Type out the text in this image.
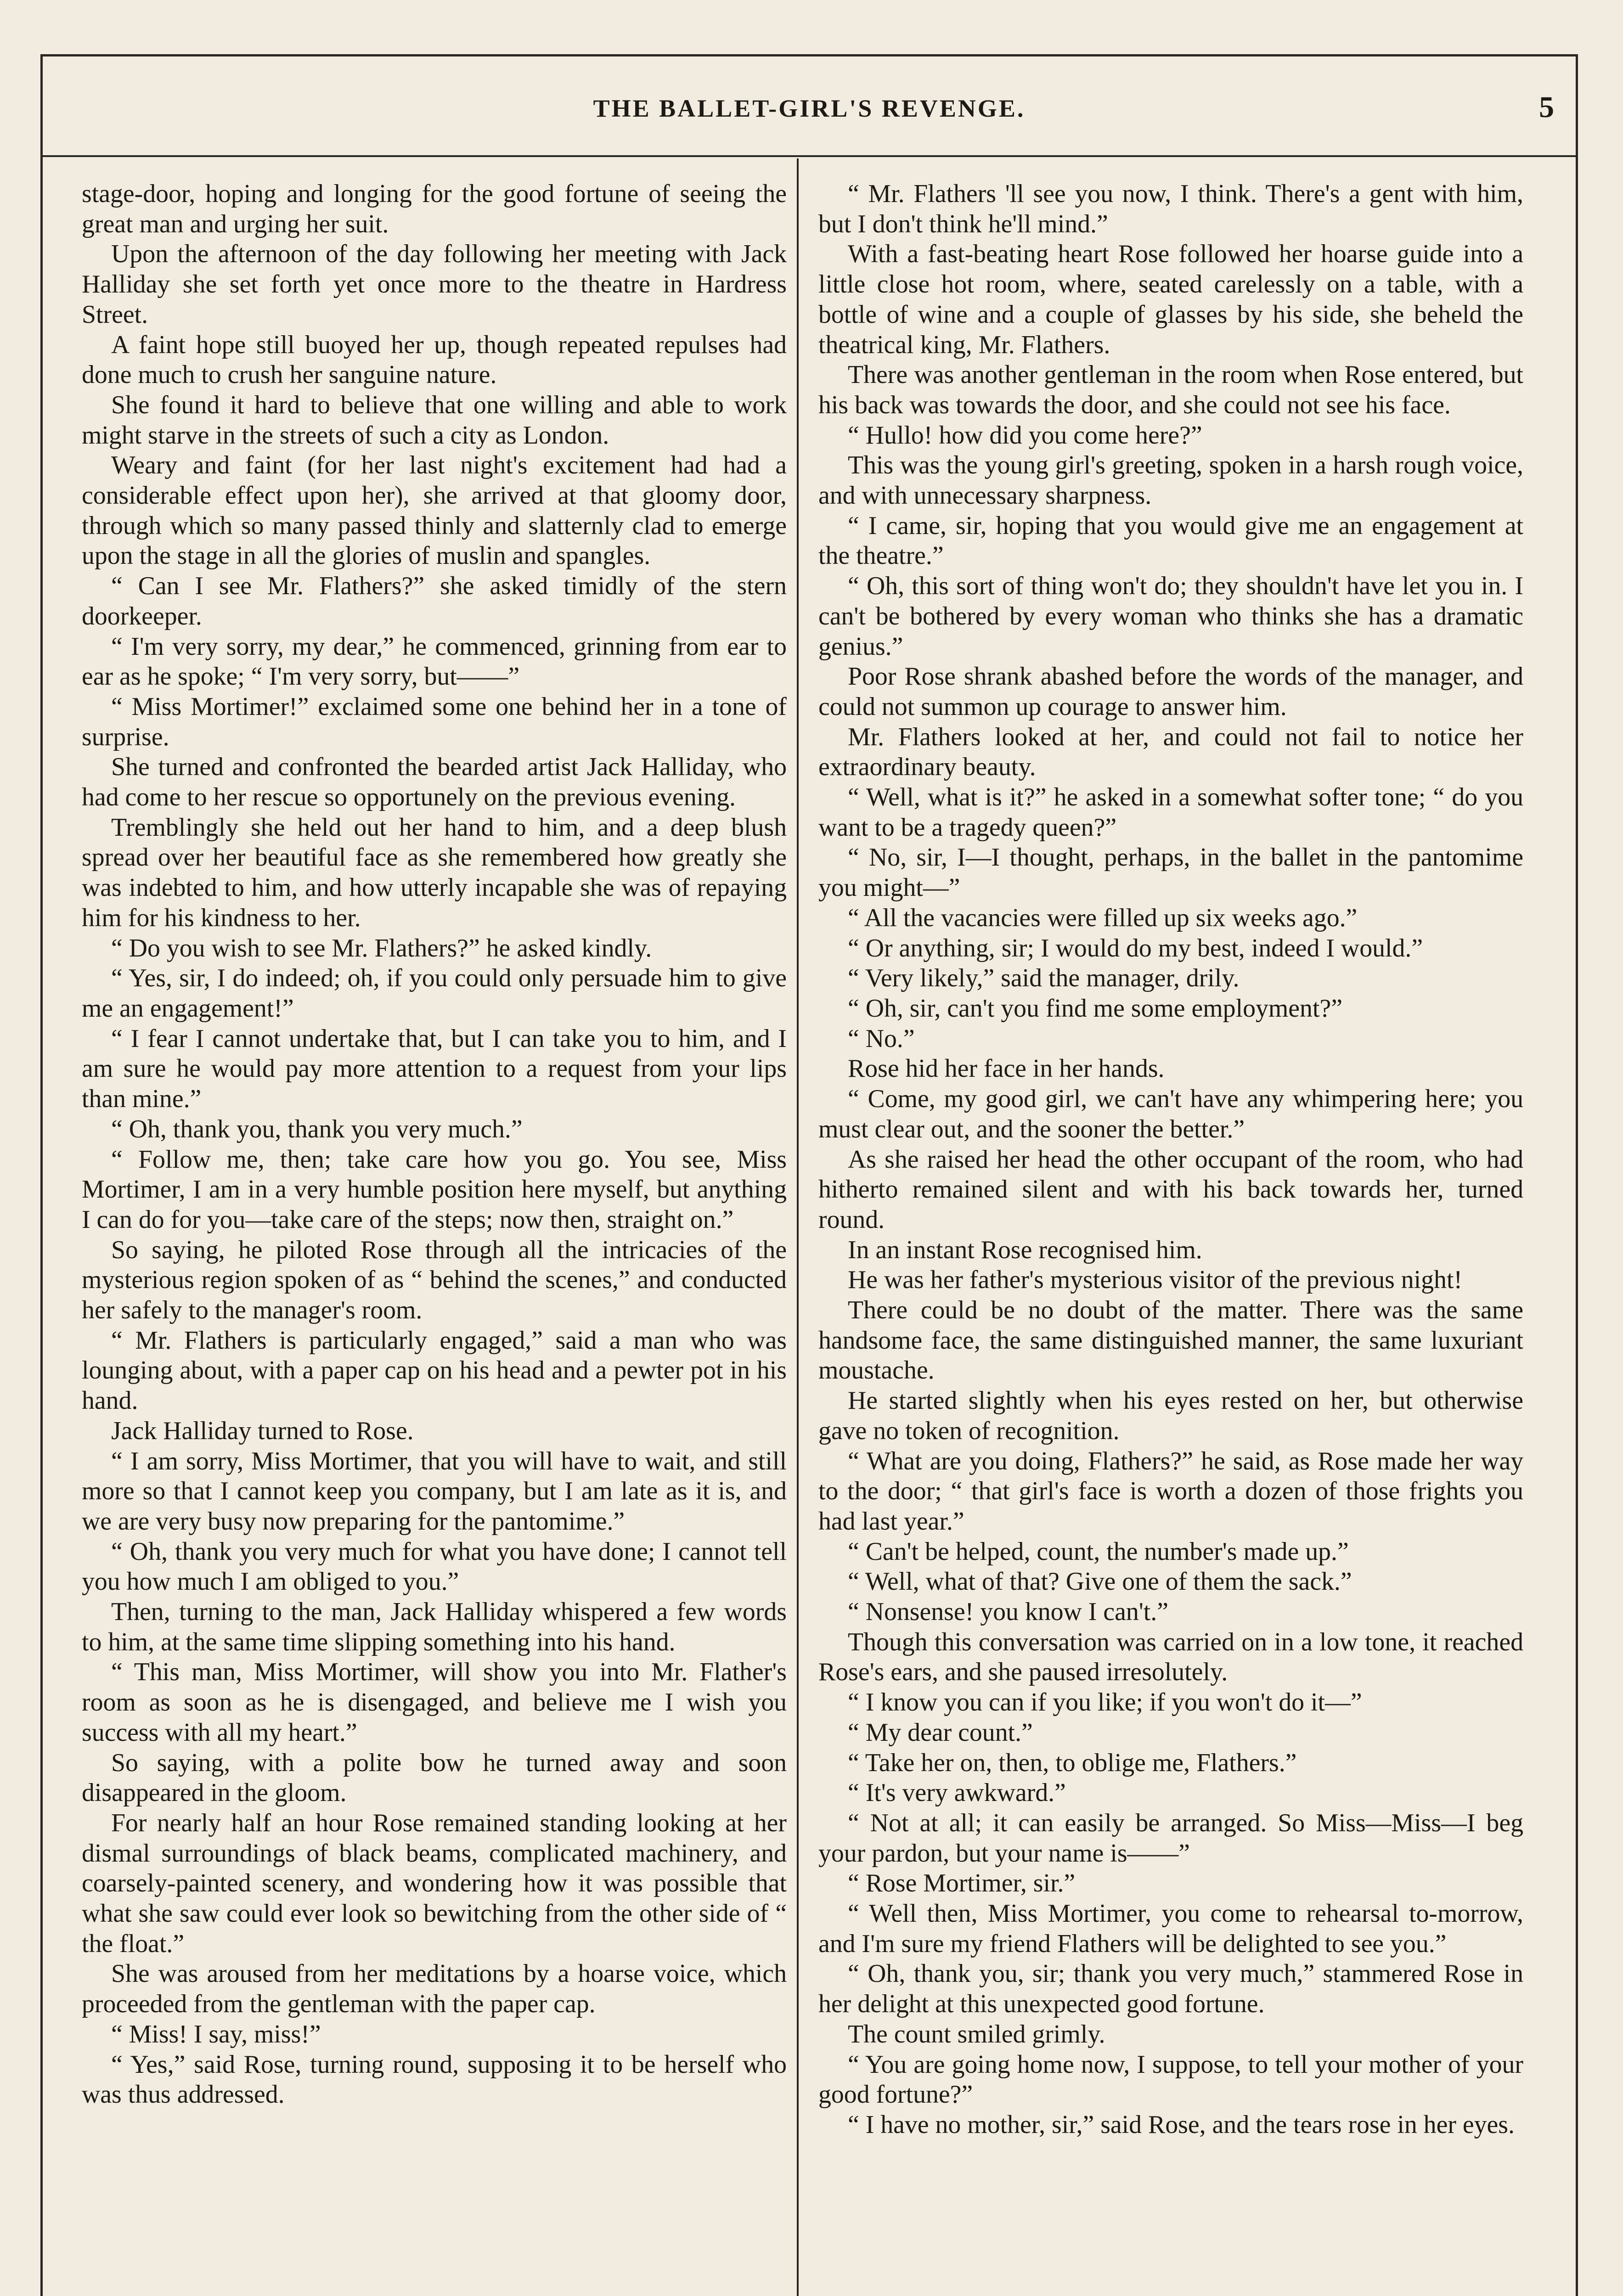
THE BALLET-GIRL'S REVENGE.	5

stage-door, hoping and longing for the good fortune of seeing the great man and urging her suit.

Upon the afternoon of the day following her meeting with Jack Halliday she set forth yet once more to the theatre in Hardress Street.

A faint hope still buoyed her up, though repeated repulses had done much to crush her sanguine nature.

She found it hard to believe that one willing and able to work might starve in the streets of such a city as London.

Weary and faint (for her last night's excitement had had a considerable effect upon her), she arrived at that gloomy door, through which so many passed thinly and slatternly clad to emerge upon the stage in all the glories of muslin and spangles.

“ Can I see Mr. Flathers?” she asked timidly of the stern doorkeeper.

“ I'm very sorry, my dear,” he commenced, grinning from ear to ear as he spoke; “ I'm very sorry, but——”

“ Miss Mortimer!” exclaimed some one behind her in a tone of surprise.

She turned and confronted the bearded artist Jack Halliday, who had come to her rescue so opportunely on the previous evening.

Tremblingly she held out her hand to him, and a deep blush spread over her beautiful face as she remembered how greatly she was indebted to him, and how utterly incapable she was of repaying him for his kindness to her.

“ Do you wish to see Mr. Flathers?” he asked kindly.

“ Yes, sir, I do indeed; oh, if you could only persuade him to give me an engagement!”

“ I fear I cannot undertake that, but I can take you to him, and I am sure he would pay more attention to a request from your lips than mine.”

“ Oh, thank you, thank you very much.”

“ Follow me, then; take care how you go. You see, Miss Mortimer, I am in a very humble position here myself, but anything I can do for you—take care of the steps; now then, straight on.”

So saying, he piloted Rose through all the intricacies of the mysterious region spoken of as “ behind the scenes,” and conducted her safely to the manager's room.

“ Mr. Flathers is particularly engaged,” said a man who was lounging about, with a paper cap on his head and a pewter pot in his hand.

Jack Halliday turned to Rose.

“ I am sorry, Miss Mortimer, that you will have to wait, and still more so that I cannot keep you company, but I am late as it is, and we are very busy now preparing for the pantomime.”

“ Oh, thank you very much for what you have done; I cannot tell you how much I am obliged to you.”

Then, turning to the man, Jack Halliday whispered a few words to him, at the same time slipping something into his hand.

“ This man, Miss Mortimer, will show you into Mr. Flather's room as soon as he is disengaged, and believe me I wish you success with all my heart.”

So saying, with a polite bow he turned away and soon disappeared in the gloom.

For nearly half an hour Rose remained standing looking at her dismal surroundings of black beams, complicated machinery, and coarsely-painted scenery, and wondering how it was possible that what she saw could ever look so bewitching from the other side of “ the float.”

She was aroused from her meditations by a hoarse voice, which proceeded from the gentleman with the paper cap.

“ Miss! I say, miss!”

“ Yes,” said Rose, turning round, supposing it to be herself who was thus addressed.

“ Mr. Flathers 'll see you now, I think. There's a gent with him, but I don't think he'll mind.”

With a fast-beating heart Rose followed her hoarse guide into a little close hot room, where, seated carelessly on a table, with a bottle of wine and a couple of glasses by his side, she beheld the theatrical king, Mr. Flathers.

There was another gentleman in the room when Rose entered, but his back was towards the door, and she could not see his face.

“ Hullo! how did you come here?”

This was the young girl's greeting, spoken in a harsh rough voice, and with unnecessary sharpness.

“ I came, sir, hoping that you would give me an engagement at the theatre.”

“ Oh, this sort of thing won't do; they shouldn't have let you in. I can't be bothered by every woman who thinks she has a dramatic genius.”

Poor Rose shrank abashed before the words of the manager, and could not summon up courage to answer him.

Mr. Flathers looked at her, and could not fail to notice her extraordinary beauty.

“ Well, what is it?” he asked in a somewhat softer tone; “ do you want to be a tragedy queen?”

“ No, sir, I—I thought, perhaps, in the ballet in the pantomime you might—”

“ All the vacancies were filled up six weeks ago.”

“ Or anything, sir; I would do my best, indeed I would.”

“ Very likely,” said the manager, drily.

“ Oh, sir, can't you find me some employment?”

“ No.”

Rose hid her face in her hands.

“ Come, my good girl, we can't have any whimpering here; you must clear out, and the sooner the better.”

As she raised her head the other occupant of the room, who had hitherto remained silent and with his back towards her, turned round.

In an instant Rose recognised him.

He was her father's mysterious visitor of the previous night!

There could be no doubt of the matter. There was the same handsome face, the same distinguished manner, the same luxuriant moustache.

He started slightly when his eyes rested on her, but otherwise gave no token of recognition.

“ What are you doing, Flathers?” he said, as Rose made her way to the door; “ that girl's face is worth a dozen of those frights you had last year.”

“ Can't be helped, count, the number's made up.”

“ Well, what of that? Give one of them the sack.”

“ Nonsense! you know I can't.”

Though this conversation was carried on in a low tone, it reached Rose's ears, and she paused irresolutely.

“ I know you can if you like; if you won't do it—”

“ My dear count.”

“ Take her on, then, to oblige me, Flathers.”

“ It's very awkward.”

“ Not at all; it can easily be arranged. So Miss—Miss—I beg your pardon, but your name is——”

“ Rose Mortimer, sir.”

“ Well then, Miss Mortimer, you come to rehearsal to-morrow, and I'm sure my friend Flathers will be delighted to see you.”

“ Oh, thank you, sir; thank you very much,” stammered Rose in her delight at this unexpected good fortune.

The count smiled grimly.

“ You are going home now, I suppose, to tell your mother of your good fortune?”

“ I have no mother, sir,” said Rose, and the tears rose in her eyes.
